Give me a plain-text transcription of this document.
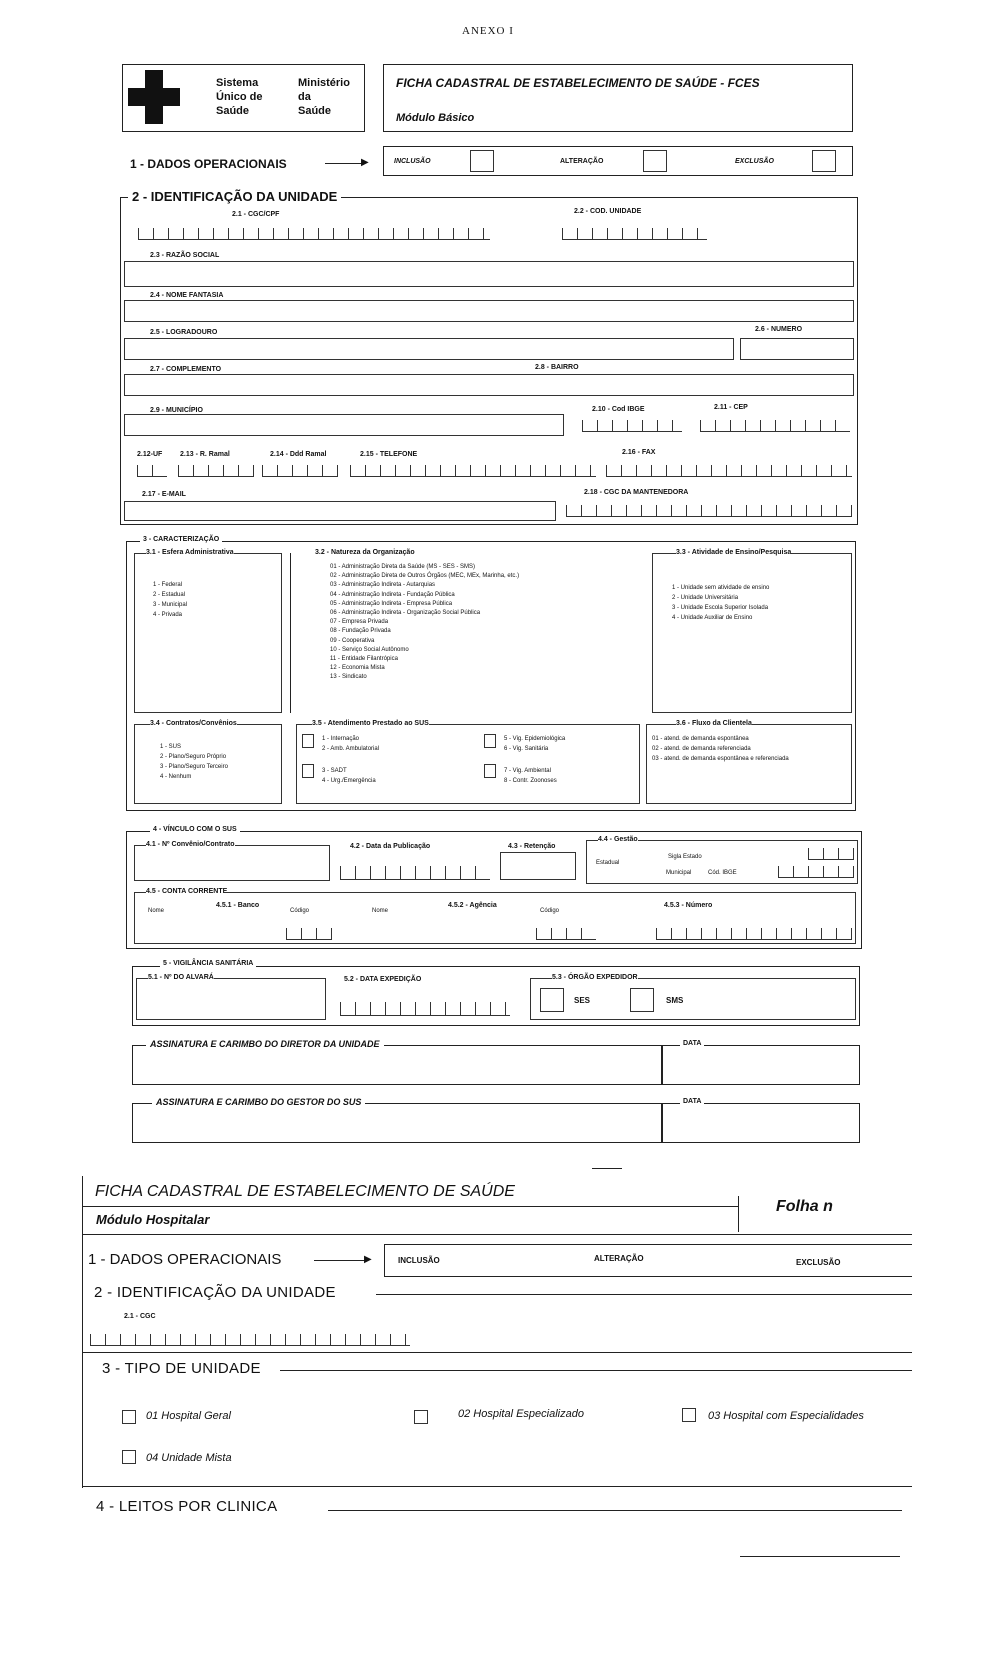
ANEXO I
Sistema
Único de
Saúde
Ministério
da
Saúde
FICHA CADASTRAL DE ESTABELECIMENTO DE SAÚDE - FCES
Módulo Básico
1 - DADOS OPERACIONAIS	▶	INCLUSÃO	ALTERAÇÃO	EXCLUSÃO
2 - IDENTIFICAÇÃO DA UNIDADE
2.1 - CGC/CPF	2.2 - COD. UNIDADE
2.3 - RAZÃO SOCIAL
2.4 - NOME FANTASIA
2.5 - LOGRADOURO	2.6 - NUMERO
2.7 - COMPLEMENTO	2.8 - BAIRRO
2.9 - MUNICÍPIO	2.10 - Cod IBGE	2.11 - CEP
2.12-UF	2.13 - R. Ramal	2.14 - Ddd Ramal	2.15 - TELEFONE	2.16 - FAX
2.17 - E-MAIL	2.18 - CGC DA MANTENEDORA
3 - CARACTERIZAÇÃO
3.1 - Esfera Administrativa
1 - Federal
2 - Estadual
3 - Municipal
4 - Privada
3.2 - Natureza da Organização
01 - Administração Direta da Saúde (MS - SES - SMS)
02 - Administração Direta de Outros Órgãos (MEC, MEx, Marinha, etc.)
03 - Administração Indireta - Autarquias
04 - Administração Indireta - Fundação Pública
05 - Administração Indireta - Empresa Pública
06 - Administração Indireta - Organização Social Pública
07 - Empresa Privada
08 - Fundação Privada
09 - Cooperativa
10 - Serviço Social Autônomo
11 - Entidade Filantrópica
12 - Economia Mista
13 - Sindicato
3.3 - Atividade de Ensino/Pesquisa
1 - Unidade sem atividade de ensino
2 - Unidade Universitária
3 - Unidade Escola Superior Isolada
4 - Unidade Auxiliar de Ensino
3.4 - Contratos/Convênios
1 - SUS
2 - Plano/Seguro Próprio
3 - Plano/Seguro Terceiro
4 - Nenhum
3.5 - Atendimento Prestado ao SUS
1 - Internação
2 - Amb. Ambulatorial
3 - SADT
4 - Urg./Emergência
5 - Vig. Epidemiológica
6 - Vig. Sanitária
7 - Vig. Ambiental
8 - Contr. Zoonoses
3.6 - Fluxo da Clientela
01 - atend. de demanda espontânea
02 - atend. de demanda referenciada
03 - atend. de demanda espontânea e referenciada
4 - VÍNCULO COM O SUS
4.1 - Nº Convênio/Contrato	4.2 - Data da Publicação	4.3 - Retenção
4.4 - Gestão
Estadual
Sigla Estado
Municipal	Cód. IBGE
4.5 - CONTA CORRENTE
4.5.1 - Banco
Nome	Código
4.5.2 - Agência
Nome	Código
4.5.3 - Número
5 - VIGILÂNCIA SANITÁRIA
5.1 - Nº DO ALVARÁ	5.2 - DATA EXPEDIÇÃO	5.3 - ÓRGÃO EXPEDIDOR
SES	SMS
ASSINATURA E CARIMBO DO DIRETOR DA UNIDADE	DATA
ASSINATURA E CARIMBO DO GESTOR DO SUS	DATA
FICHA CADASTRAL DE ESTABELECIMENTO DE SAÚDE
Folha n
Módulo Hospitalar
1 - DADOS OPERACIONAIS	▶	INCLUSÃO	ALTERAÇÃO	EXCLUSÃO
2 - IDENTIFICAÇÃO DA UNIDADE
2.1 - CGC
3 - TIPO DE UNIDADE
01 Hospital Geral	02 Hospital Especializado	03 Hospital com Especialidades
04 Unidade Mista
4 - LEITOS POR CLINICA
